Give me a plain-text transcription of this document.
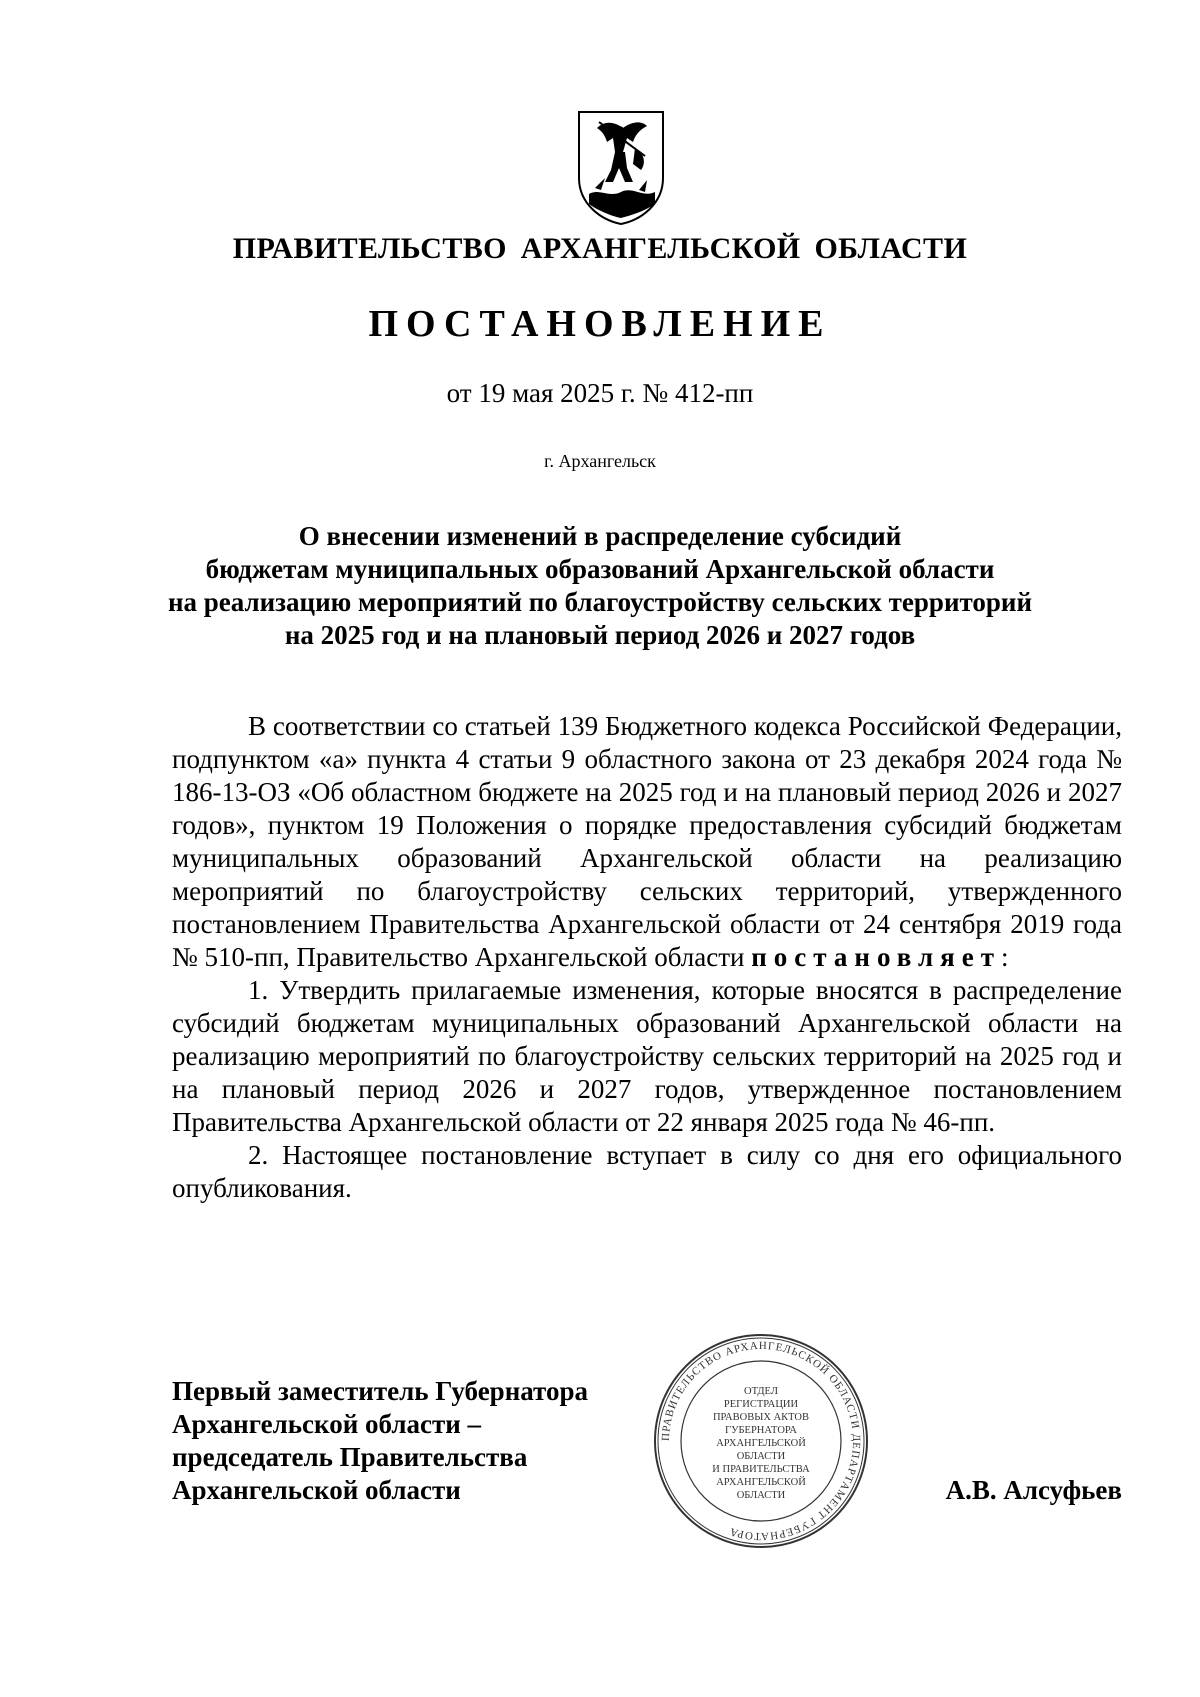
ПРАВИТЕЛЬСТВО АРХАНГЕЛЬСКОЙ ОБЛАСТИ
ПОСТАНОВЛЕНИЕ
от 19 мая 2025 г. № 412-пп
г. Архангельск
О внесении изменений в распределение субсидий
бюджетам муниципальных образований Архангельской области
на реализацию мероприятий по благоустройству сельских территорий
на 2025 год и на плановый период 2026 и 2027 годов

В соответствии со статьей 139 Бюджетного кодекса Российской Федерации, подпунктом «а» пункта 4 статьи 9 областного закона от 23 декабря 2024 года № 186-13-ОЗ «Об областном бюджете на 2025 год и на плановый период 2026 и 2027 годов», пунктом 19 Положения о порядке предоставления субсидий бюджетам муниципальных образований Архангельской области на реализацию мероприятий по благоустройству сельских территорий, утвержденного постановлением Правительства Архангельской области от 24 сентября 2019 года № 510-пп, Правительство Архангельской области постановляет:

1. Утвердить прилагаемые изменения, которые вносятся в распределение субсидий бюджетам муниципальных образований Архангельской области на реализацию мероприятий по благоустройству сельских территорий на 2025 год и на плановый период 2026 и 2027 годов, утвержденное постановлением Правительства Архангельской области от 22 января 2025 года № 46-пп.

2. Настоящее постановление вступает в силу со дня его официального опубликования.

Первый заместитель Губернатора
Архангельской области –
председатель Правительства
Архангельской области
ПРАВИТЕЛЬСТВО АРХАНГЕЛЬСКОЙ ОБЛАСТИ ДЕПАРТАМЕНТ ГУБЕРНАТОРА
ОТДЕЛ
РЕГИСТРАЦИИ
ПРАВОВЫХ АКТОВ
ГУБЕРНАТОРА
АРХАНГЕЛЬСКОЙ
ОБЛАСТИ
И ПРАВИТЕЛЬСТВА
АРХАНГЕЛЬСКОЙ
ОБЛАСТИ	А.В. Алсуфьев
